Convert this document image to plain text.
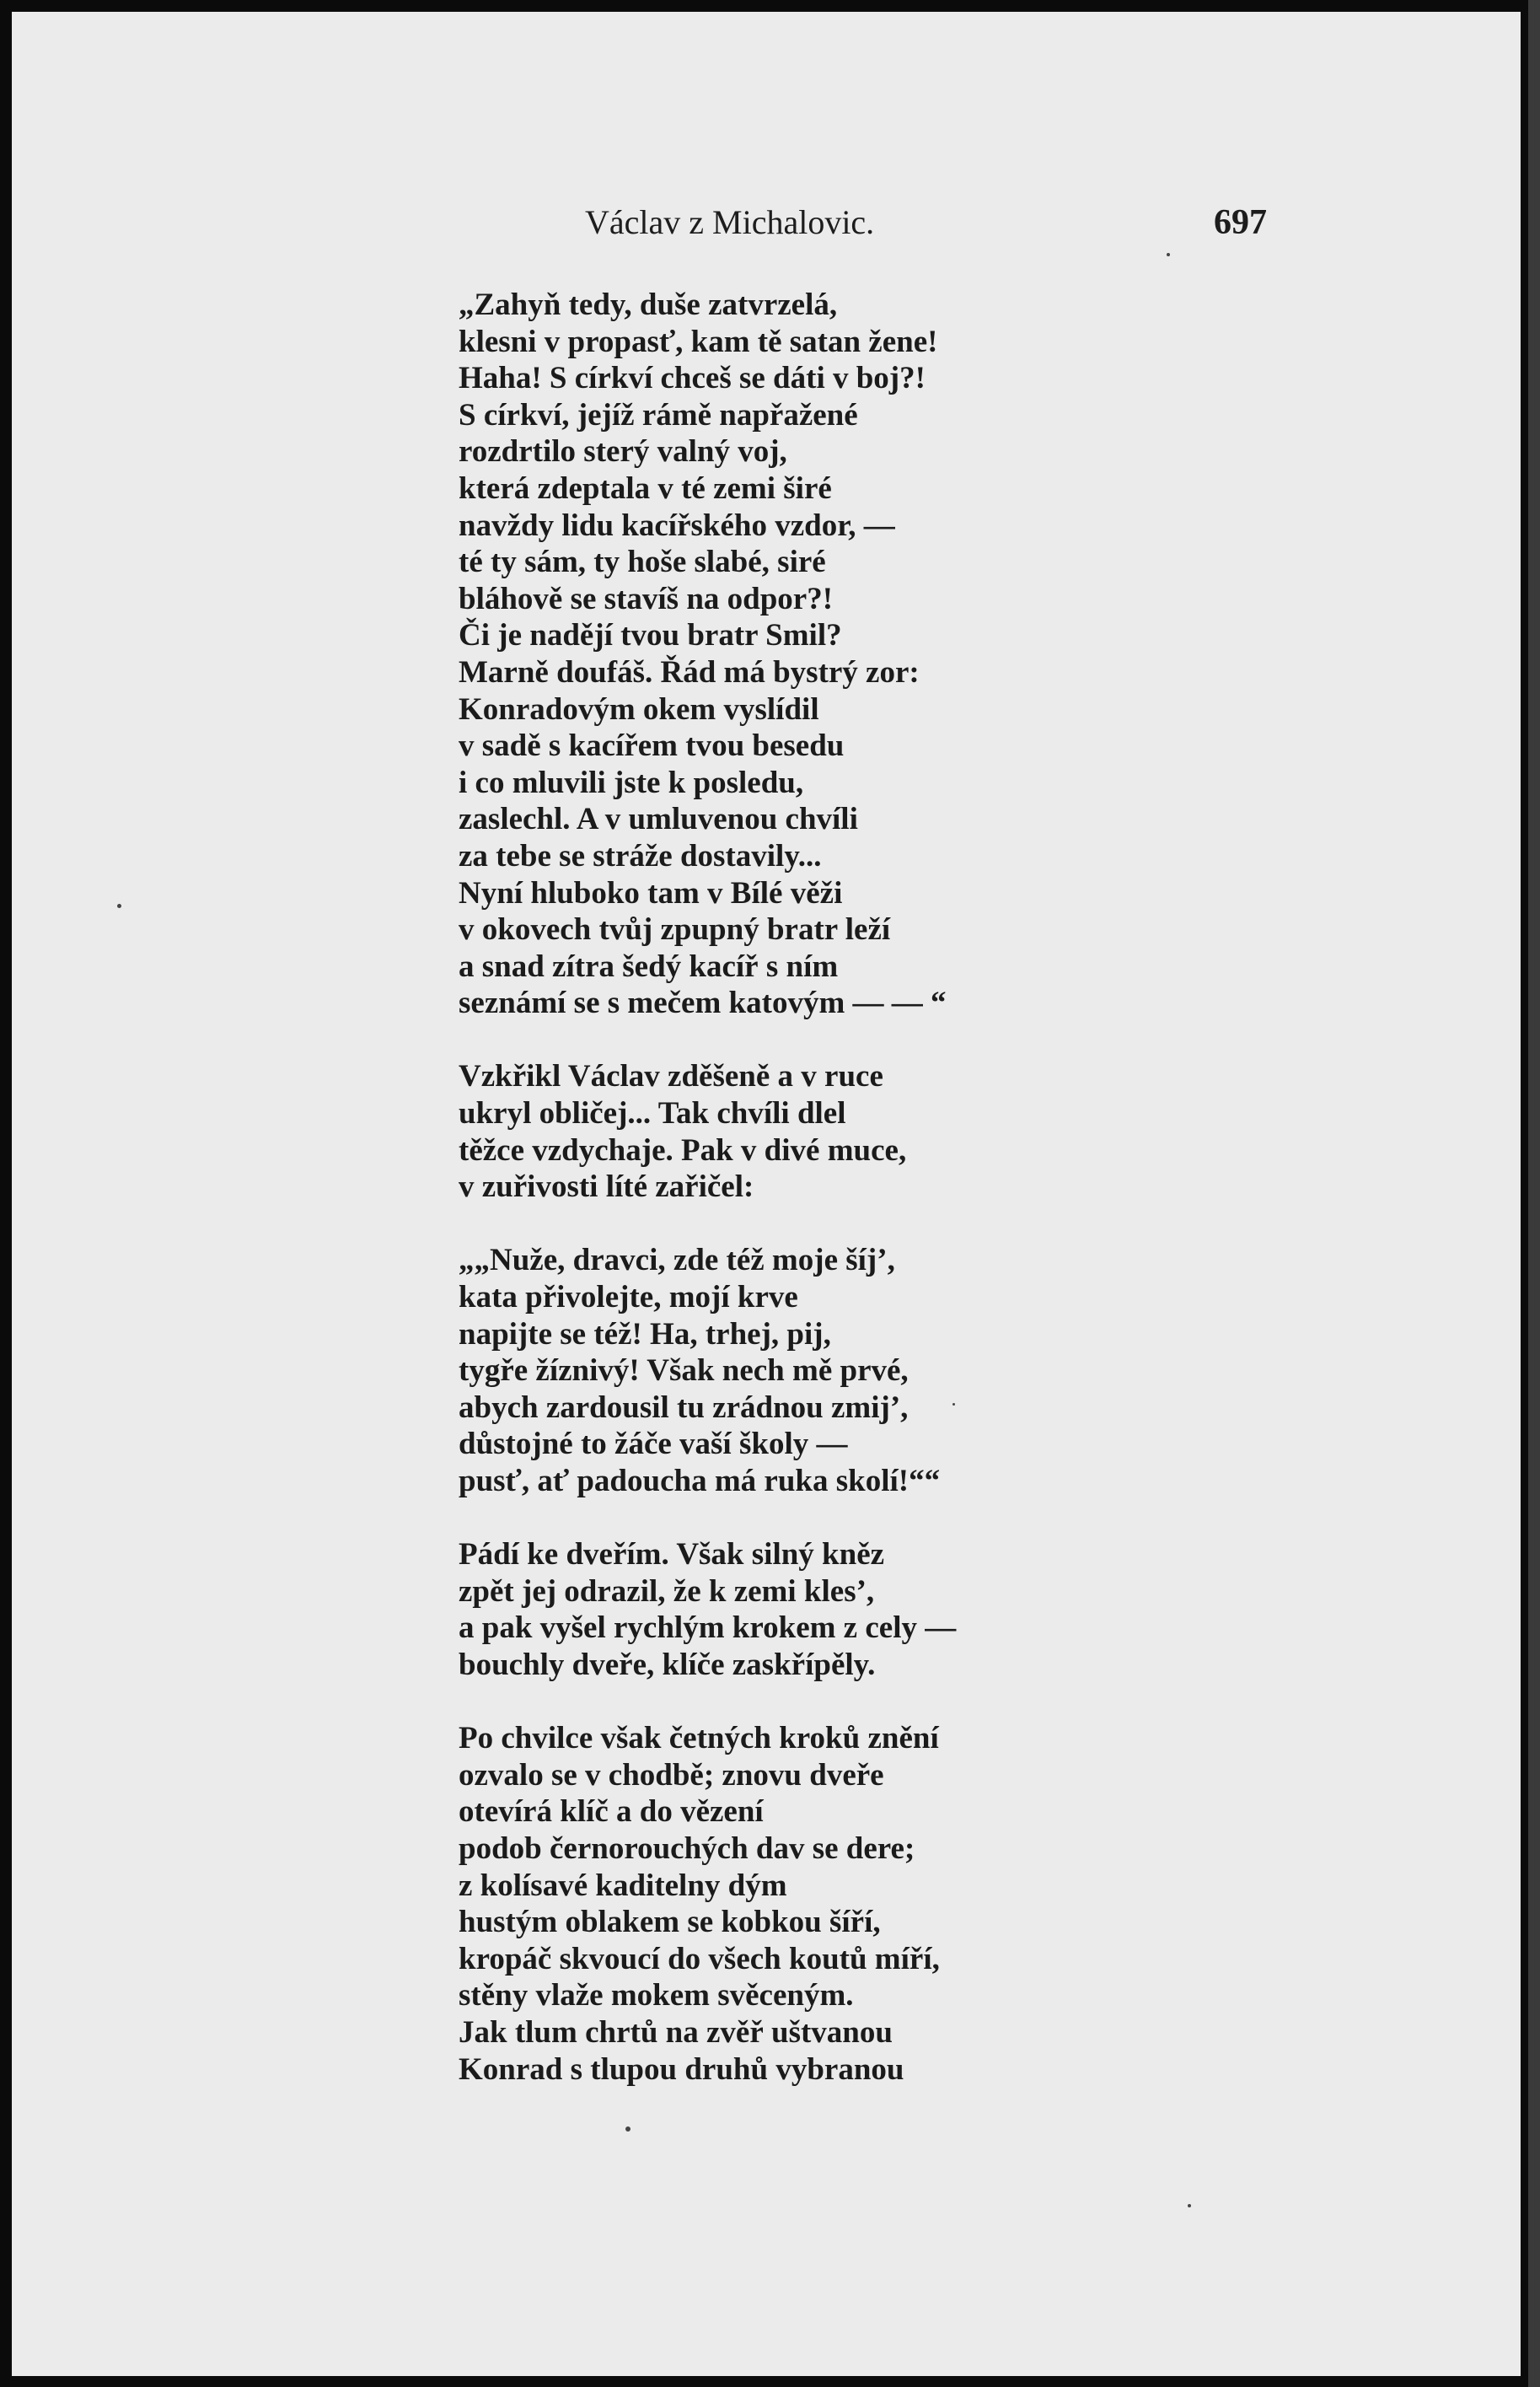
Václav z Michalovic.	697
„Zahyň tedy, duše zatvrzelá,
klesni v propasť, kam tě satan žene!
Haha! S církví chceš se dáti v boj?!
S církví, jejíž rámě napřažené
rozdrtilo sterý valný voj,
která zdeptala v té zemi širé
navždy lidu kacířského vzdor, —
té ty sám, ty hoše slabé, siré
bláhově se stavíš na odpor?!
Či je nadějí tvou bratr Smil?
Marně doufáš. Řád má bystrý zor:
Konradovým okem vyslídil
v sadě s kacířem tvou besedu
i co mluvili jste k posledu,
zaslechl. A v umluvenou chvíli
za tebe se stráže dostavily...
Nyní hluboko tam v Bílé věži
v okovech tvůj zpupný bratr leží
a snad zítra šedý kacíř s ním
seznámí se s mečem katovým — — “
Vzkřikl Václav zděšeně a v ruce
ukryl obličej... Tak chvíli dlel
těžce vzdychaje. Pak v divé muce,
v zuřivosti líté zařičel:
„„Nuže, dravci, zde též moje šíj’,
kata přivolejte, mojí krve
napijte se též! Ha, trhej, pij,
tygře žíznivý! Však nech mě prvé,
abych zardousil tu zrádnou zmij’,
důstojné to žáče vaší školy —
pusť, ať padoucha má ruka skolí!““
Pádí ke dveřím. Však silný kněz
zpět jej odrazil, že k zemi kles’,
a pak vyšel rychlým krokem z cely —
bouchly dveře, klíče zaskřípěly.
Po chvilce však četných kroků znění
ozvalo se v chodbě; znovu dveře
otevírá klíč a do vězení
podob černorouchých dav se dere;
z kolísavé kaditelny dým
hustým oblakem se kobkou šíří,
kropáč skvoucí do všech koutů míří,
stěny vlaže mokem svěceným.
Jak tlum chrtů na zvěř uštvanou
Konrad s tlupou druhů vybranou
